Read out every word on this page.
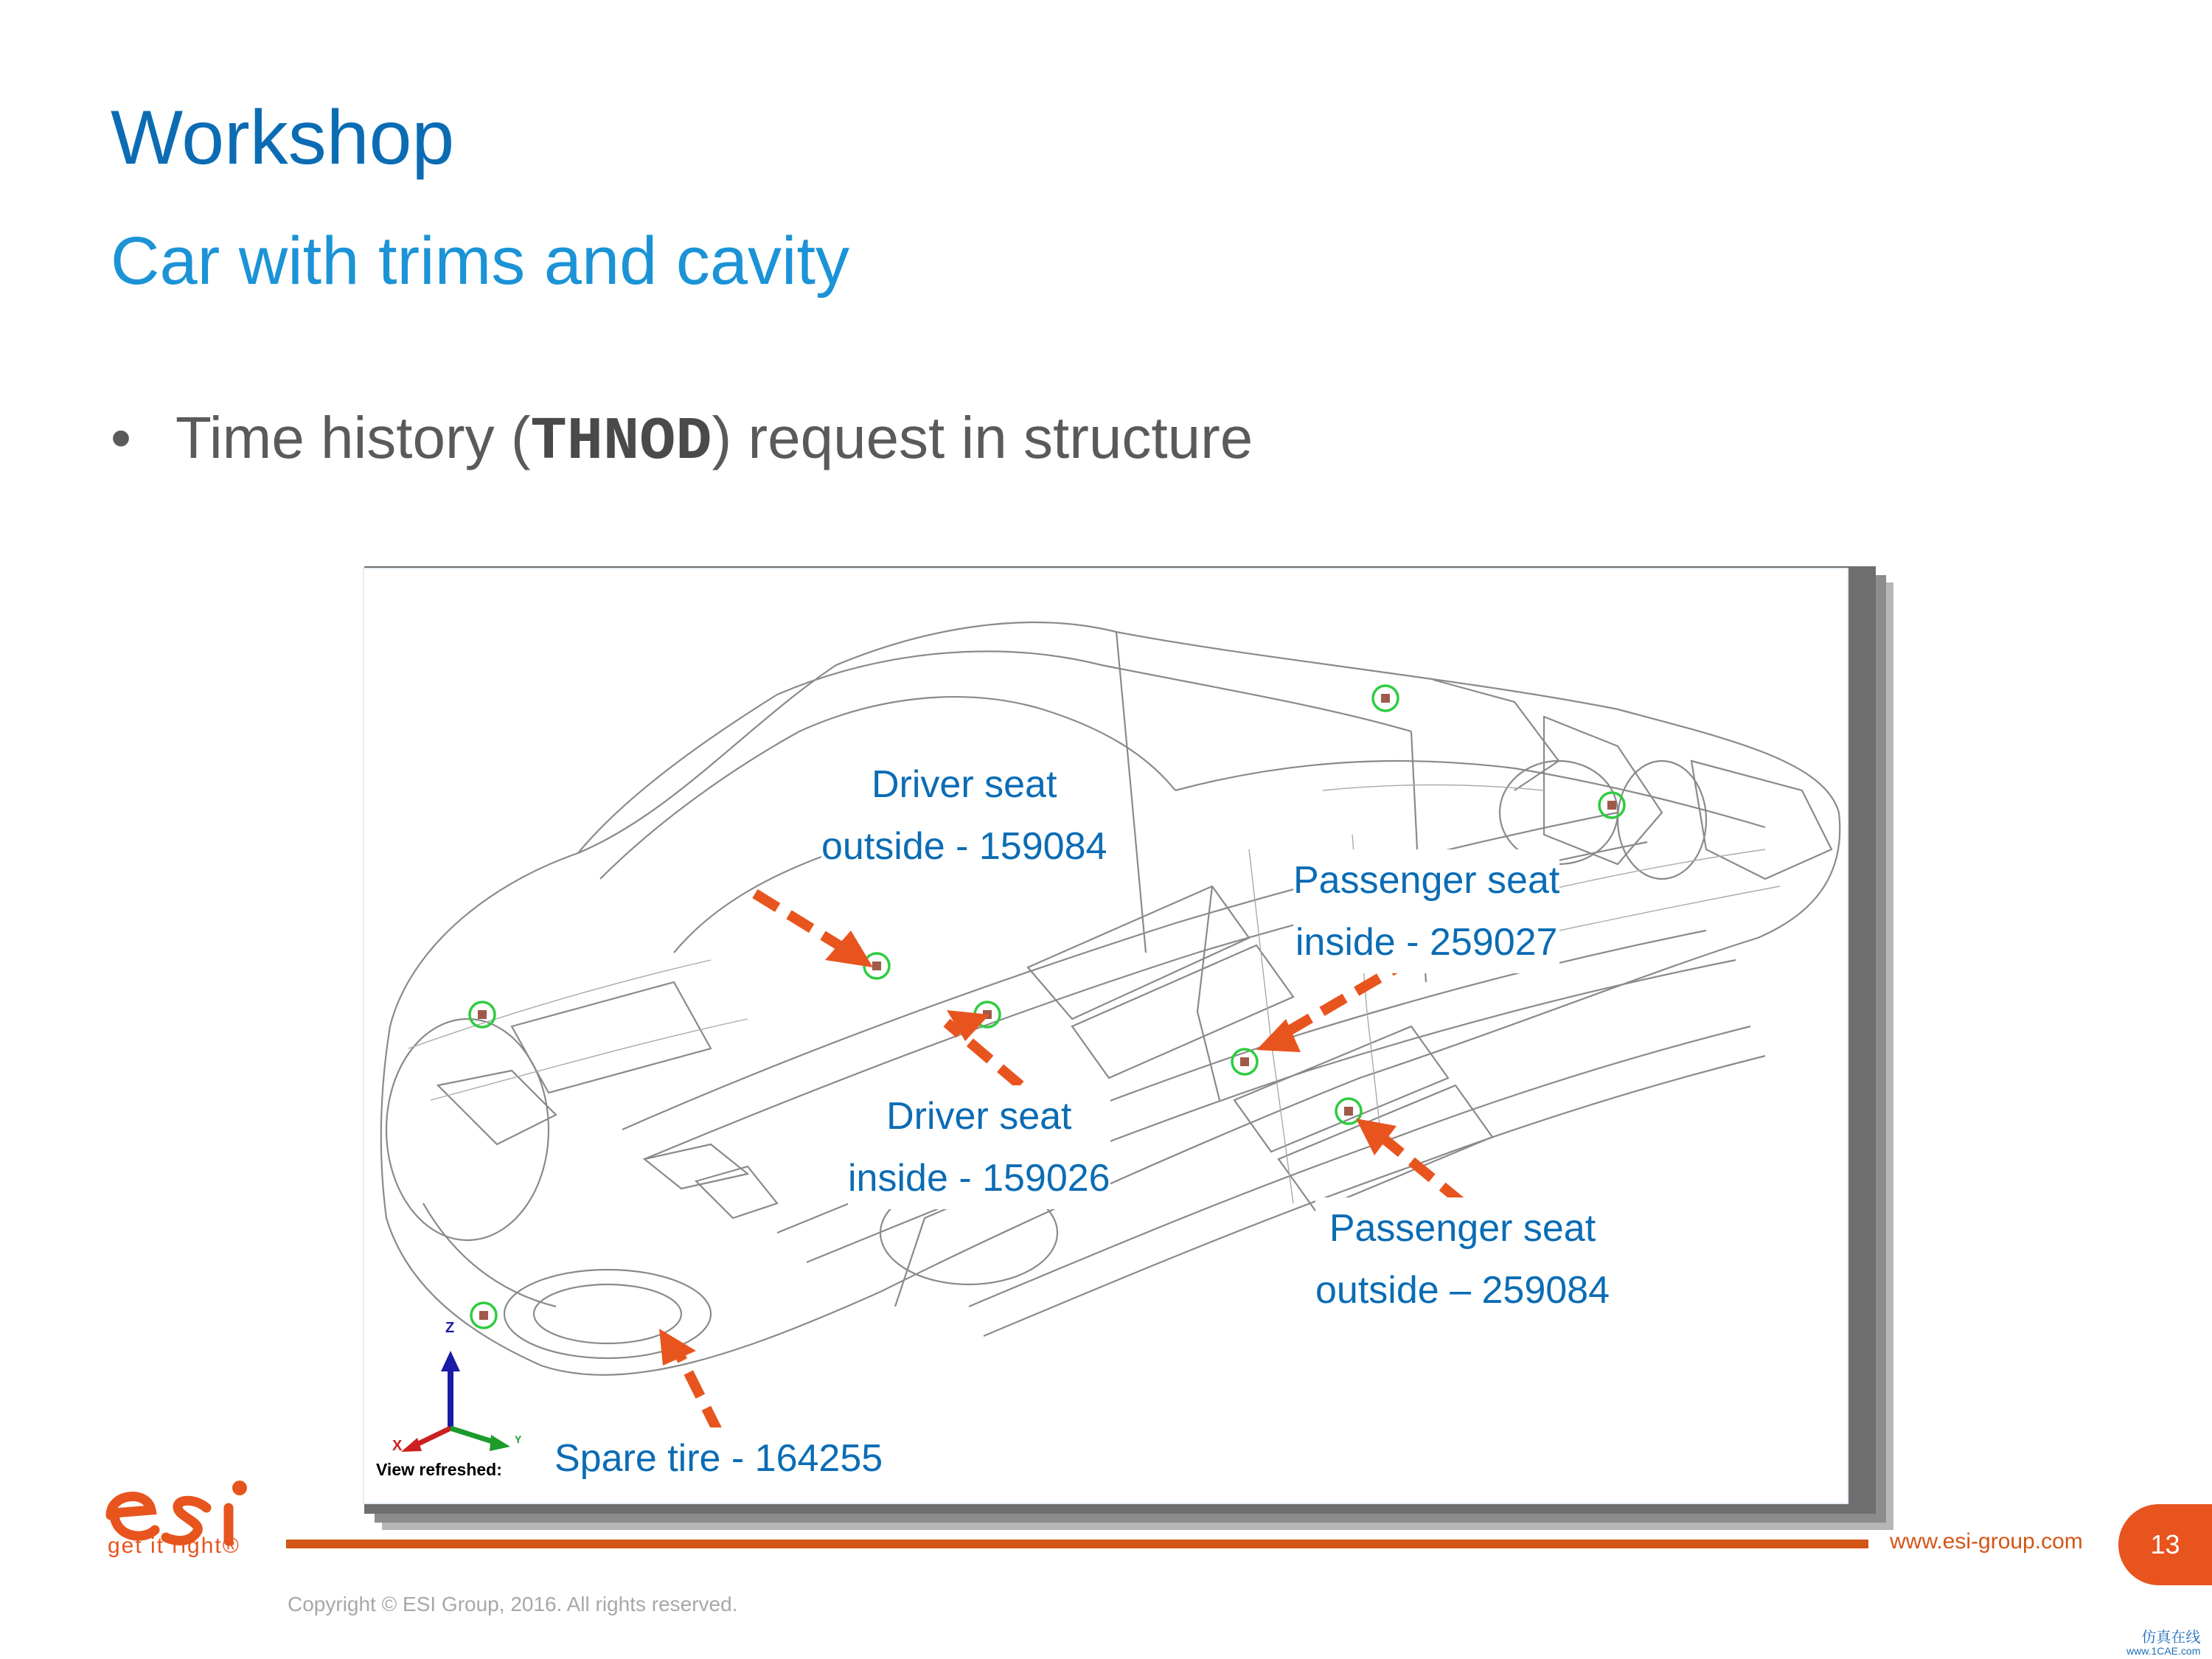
Workshop
Car with trims and cavity
• Time history (THNOD) request in structure
Z
X	Y
Driver seat
outside - 159084
Passenger seat
inside - 259027
Driver seat
inside - 159026
Passenger seat
outside – 259084
Spare tire - 164255
View refreshed:
get it right®	www.esi-group.com	13
Copyright © ESI Group, 2016. All rights reserved.
仿真在线
www.1CAE.com
